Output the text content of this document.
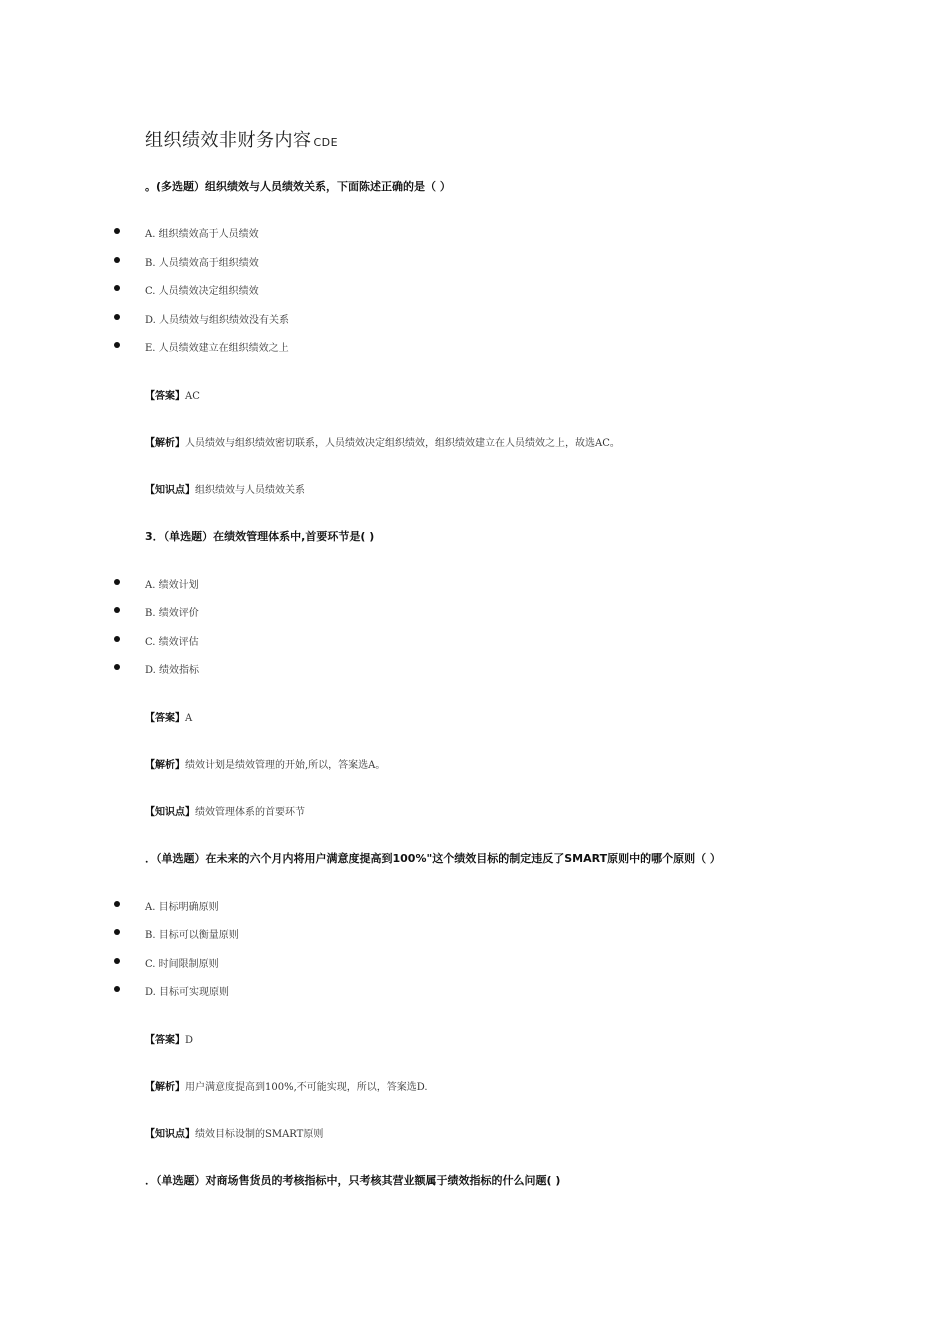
组织绩效非财务内容 CDE
。(多选题）组织绩效与人员绩效关系，下面陈述正确的是（ ）
A. 组织绩效高于人员绩效
B. 人员绩效高于组织绩效
C. 人员绩效决定组织绩效
D. 人员绩效与组织绩效没有关系
E. 人员绩效建立在组织绩效之上
【答案】AC
【解析】人员绩效与组织绩效密切联系，人员绩效决定组织绩效，组织绩效建立在人员绩效之上，故选AC。
【知识点】组织绩效与人员绩效关系
3．（单选题）在绩效管理体系中,首要环节是( )
A. 绩效计划
B. 绩效评价
C. 绩效评估
D. 绩效指标
【答案】A
【解析】绩效计划是绩效管理的开始,所以，答案选A。
【知识点】绩效管理体系的首要环节
．（单选题）在未来的六个月内将用户满意度提高到100%"这个绩效目标的制定违反了SMART原则中的哪个原则（ ）
A. 目标明确原则
B. 目标可以衡量原则
C. 时间限制原则
D. 目标可实现原则
【答案】D
【解析】用户满意度提高到100%,不可能实现，所以，答案选D.
【知识点】绩效目标设制的SMART原则
．（单选题）对商场售货员的考核指标中，只考核其营业额属于绩效指标的什么问题( )
